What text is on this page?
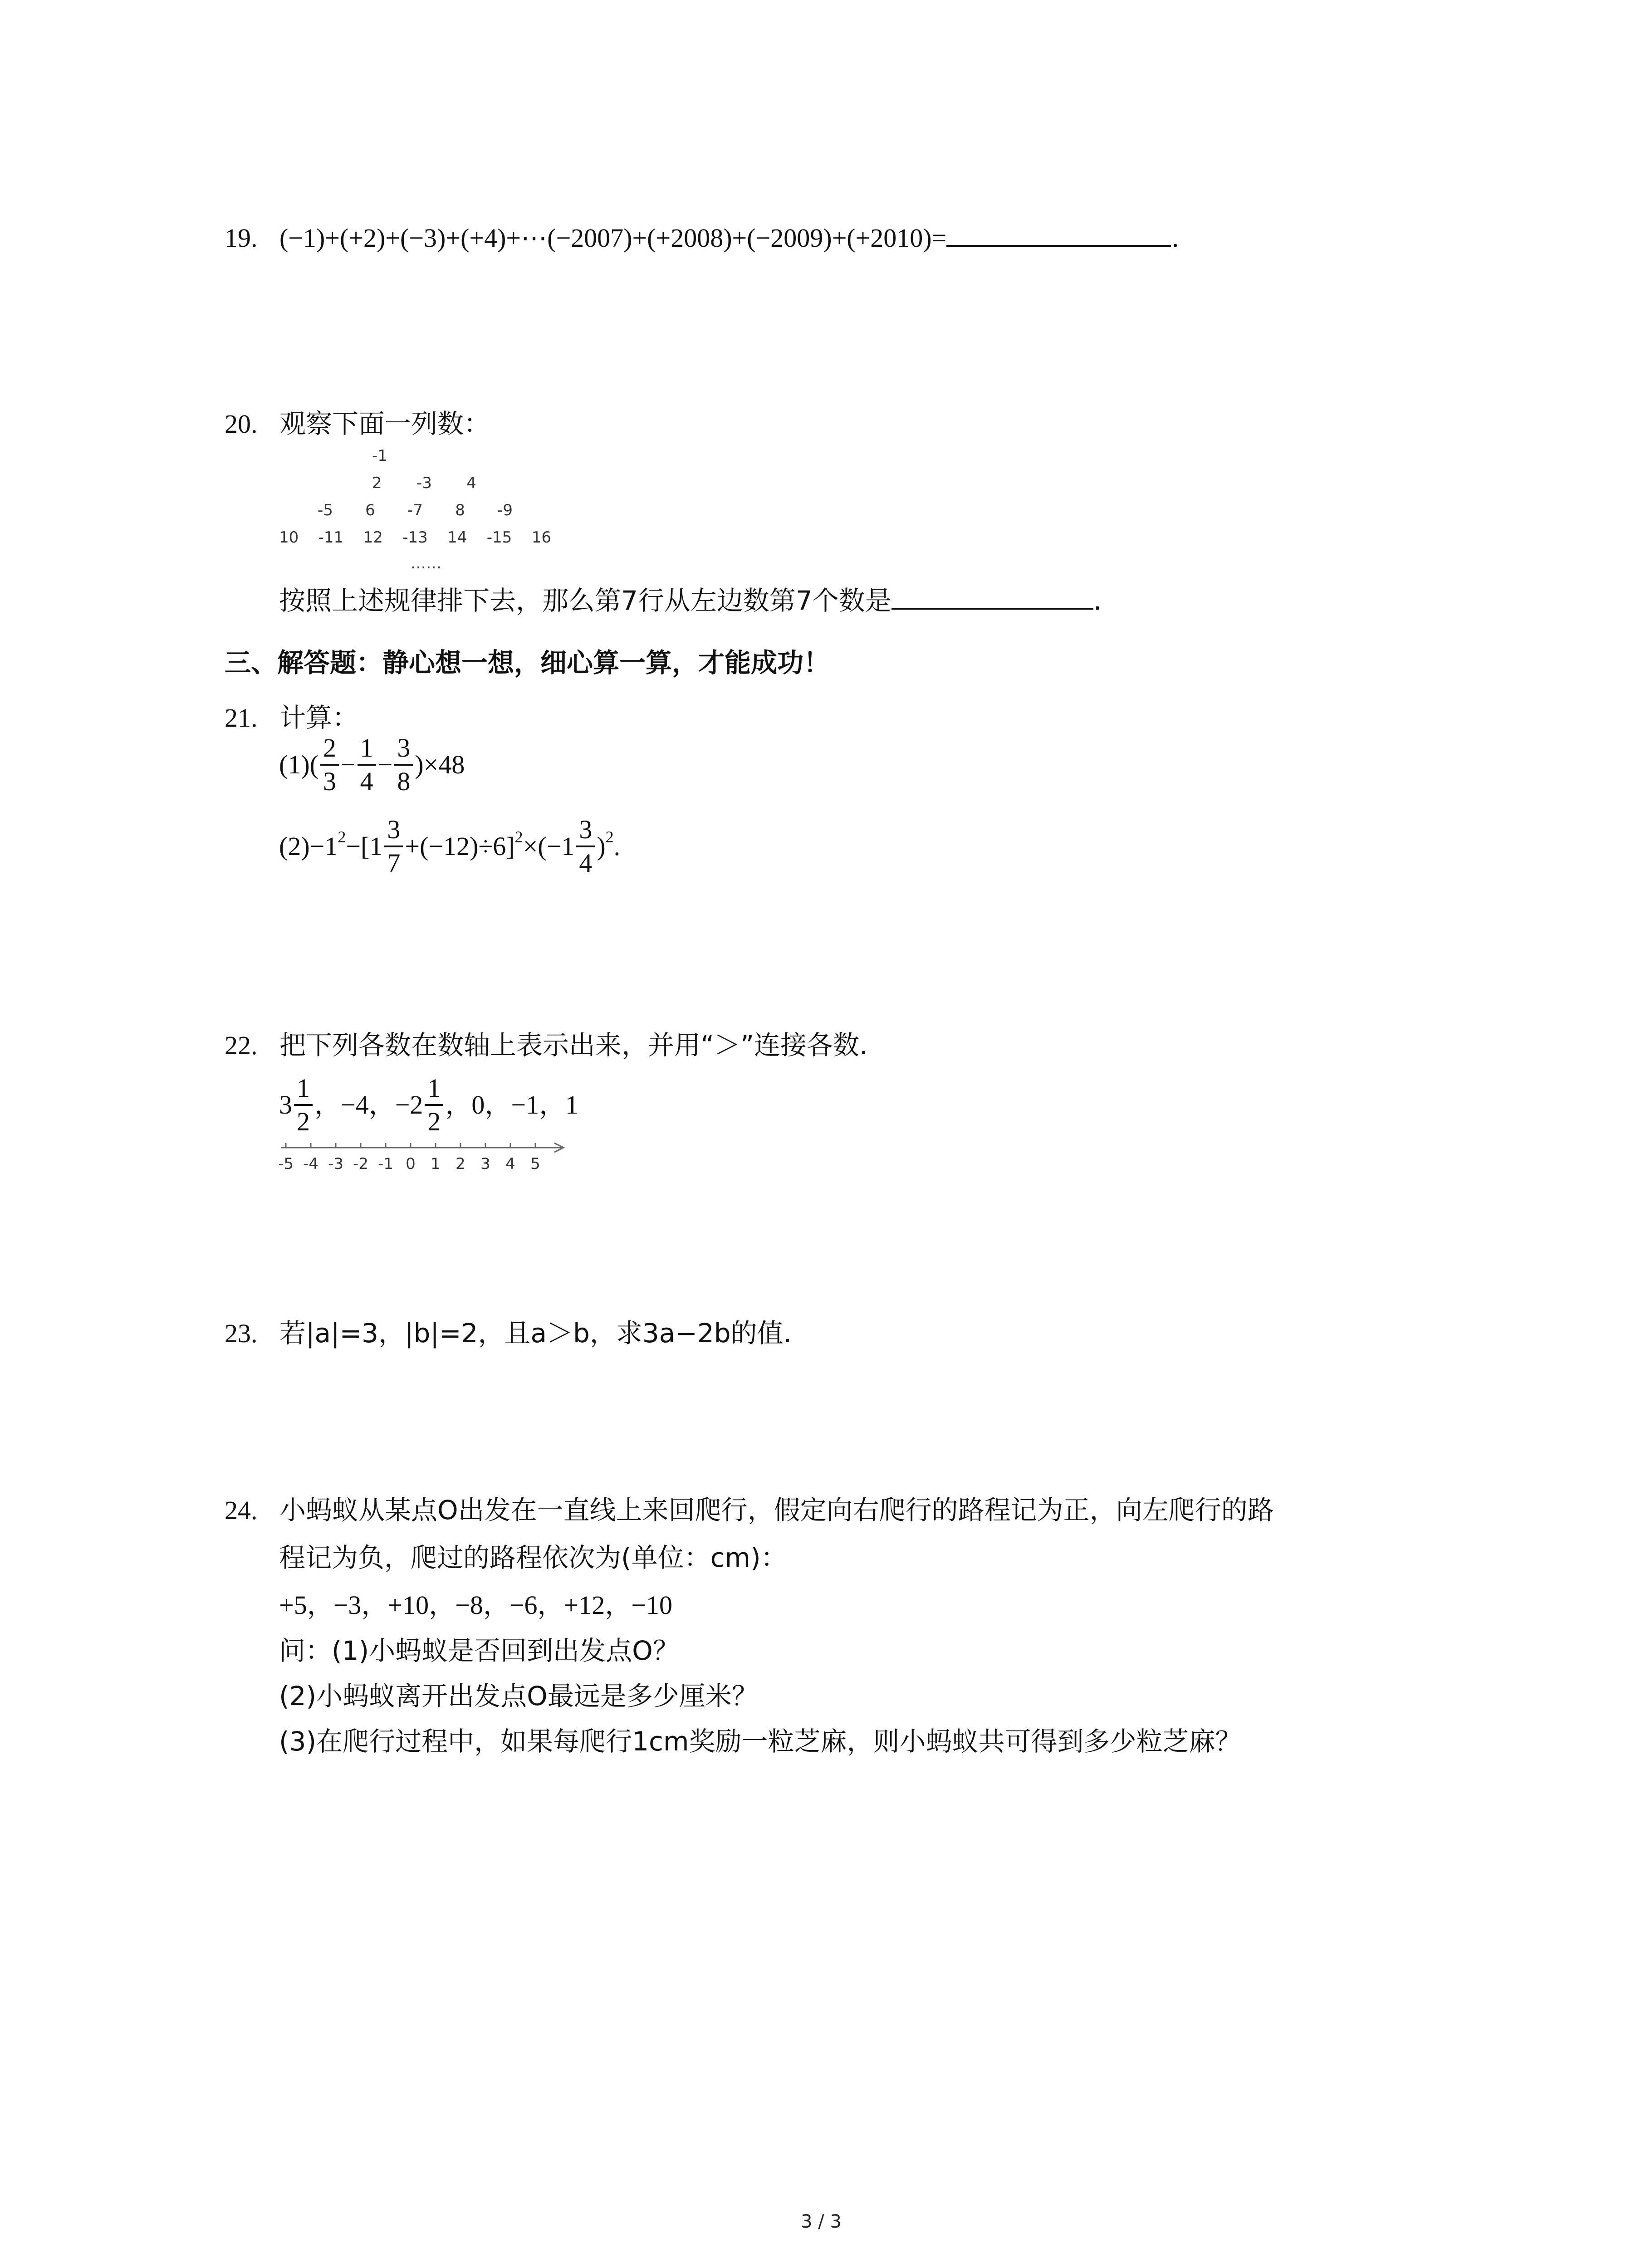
19. (−1)+(+2)+(−3)+(+4)+⋯(−2007)+(+2008)+(−2009)+(+2010)=	.
20. 观察下面一列数：
-1
2 -3 4
-5 6 -7 8 -9
10 -11 12 -13 14 -15 16
……
按照上述规律排下去，那么第7行从左边数第7个数是	.
三、解答题：静心想一想，细心算一算，才能成功！
21. 计算：
$(1)( \frac{2}{3} - \frac{1}{4} - \frac{3}{8} )\times 48$
$(2)-1^2-[1 \frac{3}{7} +(-12)\div 6]^2\times(-1 \frac{3}{4} )^2$.
22. 把下列各数在数轴上表示出来，并用“＞”连接各数.
$3 \frac{1}{2}$ ，−4，$-2 \frac{1}{2}$ ，0，−1，1
-5 -4 -3 -2 -1 0 1 2 3 4 5
23. 若|a|=3，|b|=2，且a＞b，求3a−2b的值.
24. 小蚂蚁从某点O出发在一直线上来回爬行，假定向右爬行的路程记为正，向左爬行的路
程记为负，爬过的路程依次为(单位：cm)：
+5，−3，+10，−8，−6，+12，−10
问：(1)小蚂蚁是否回到出发点O？
(2)小蚂蚁离开出发点O最远是多少厘米？
(3)在爬行过程中，如果每爬行1cm奖励一粒芝麻，则小蚂蚁共可得到多少粒芝麻？
3 / 3
